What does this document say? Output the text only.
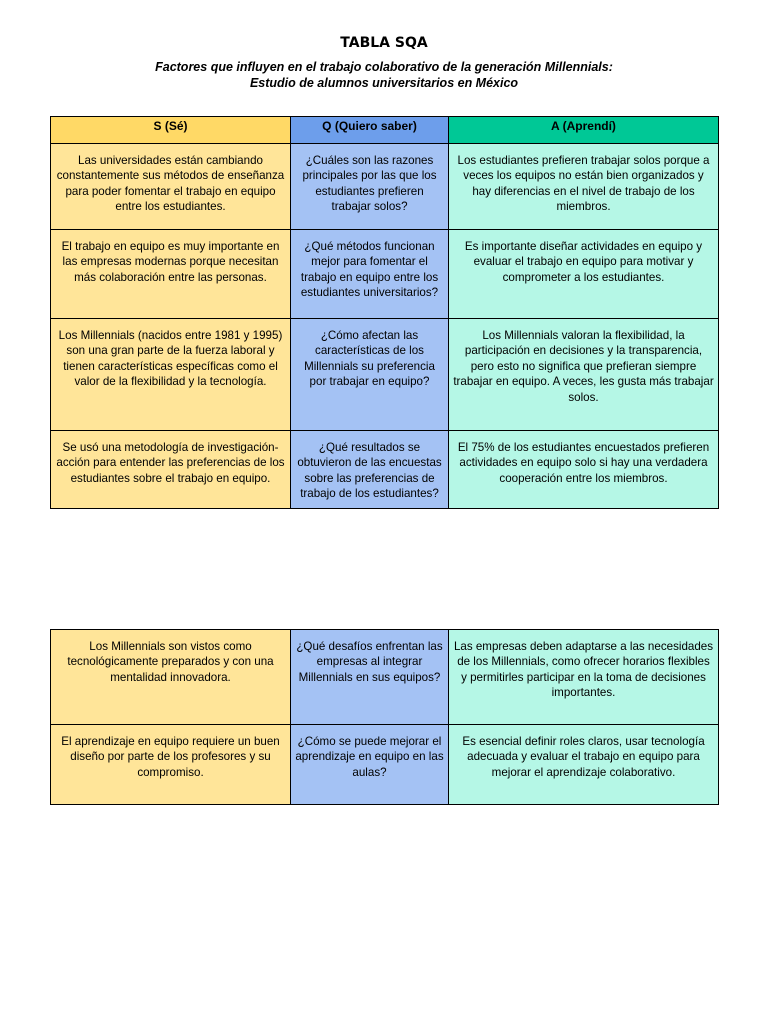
TABLA SQA
Factores que influyen en el trabajo colaborativo de la generación Millennials:
Estudio de alumnos universitarios en México
S (Sé)	Q (Quiero saber)	A (Aprendí)
Las universidades están cambiando constantemente sus métodos de enseñanza para poder fomentar el trabajo en equipo entre los estudiantes.	¿Cuáles son las razones principales por las que los estudiantes prefieren trabajar solos?	Los estudiantes prefieren trabajar solos porque a veces los equipos no están bien organizados y hay diferencias en el nivel de trabajo de los miembros.
El trabajo en equipo es muy importante en las empresas modernas porque necesitan más colaboración entre las personas.	¿Qué métodos funcionan mejor para fomentar el trabajo en equipo entre los estudiantes universitarios?	Es importante diseñar actividades en equipo y evaluar el trabajo en equipo para motivar y comprometer a los estudiantes.
Los Millennials (nacidos entre 1981 y 1995) son una gran parte de la fuerza laboral y tienen características específicas como el valor de la flexibilidad y la tecnología.	¿Cómo afectan las características de los Millennials su preferencia por trabajar en equipo?	Los Millennials valoran la flexibilidad, la participación en decisiones y la transparencia, pero esto no significa que prefieran siempre trabajar en equipo. A veces, les gusta más trabajar solos.
Se usó una metodología de investigación-acción para entender las preferencias de los estudiantes sobre el trabajo en equipo.	¿Qué resultados se obtuvieron de las encuestas sobre las preferencias de trabajo de los estudiantes?	El 75% de los estudiantes encuestados prefieren actividades en equipo solo si hay una verdadera cooperación entre los miembros.
Los Millennials son vistos como tecnológicamente preparados y con una mentalidad innovadora.	¿Qué desafíos enfrentan las empresas al integrar Millennials en sus equipos?	Las empresas deben adaptarse a las necesidades de los Millennials, como ofrecer horarios flexibles y permitirles participar en la toma de decisiones importantes.
El aprendizaje en equipo requiere un buen diseño por parte de los profesores y su compromiso.	¿Cómo se puede mejorar el aprendizaje en equipo en las aulas?	Es esencial definir roles claros, usar tecnología adecuada y evaluar el trabajo en equipo para mejorar el aprendizaje colaborativo.
